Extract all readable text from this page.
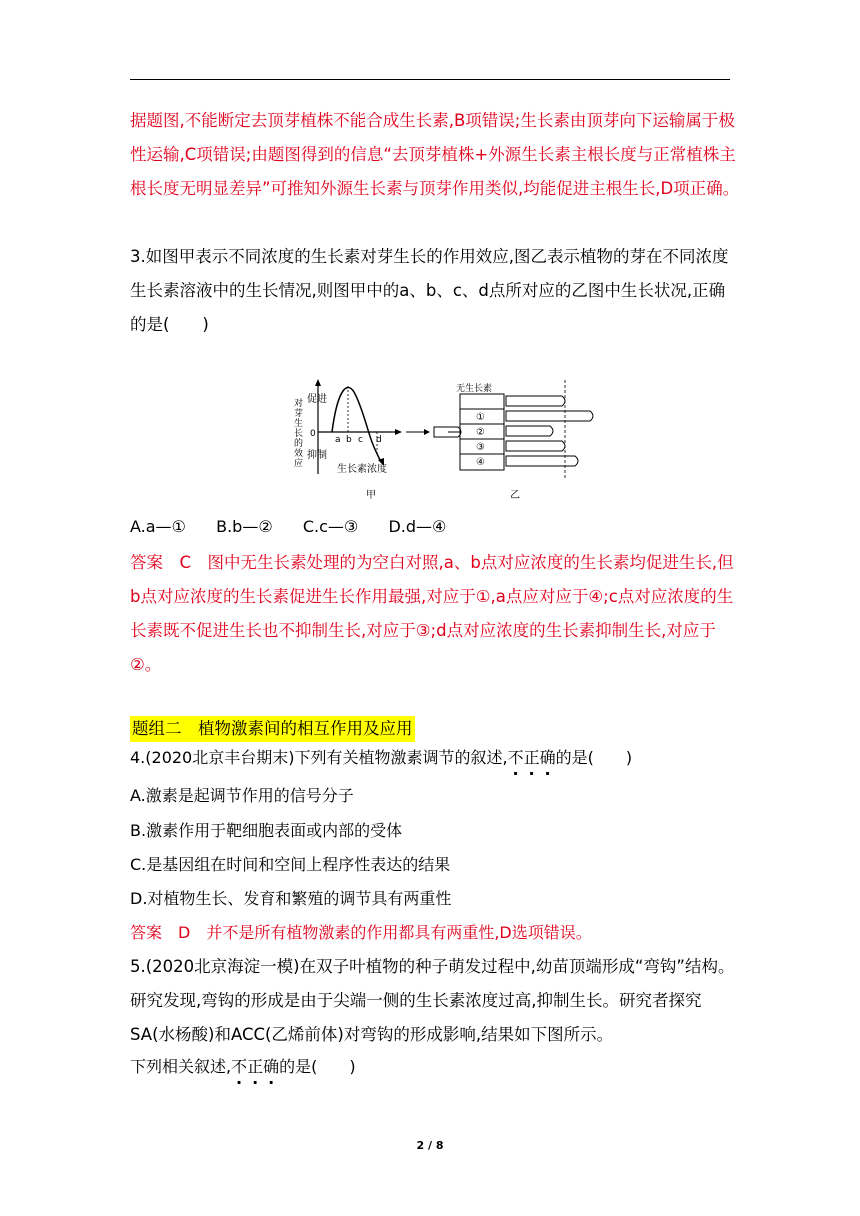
据题图,不能断定去顶芽植株不能合成生长素,B项错误;生长素由顶芽向下运输属于极性运输,C项错误;由题图得到的信息“去顶芽植株+外源生长素主根长度与正常植株主根长度无明显差异”可推知外源生长素与顶芽作用类似,均能促进主根生长,D项正确。

3.如图甲表示不同浓度的生长素对芽生长的作用效应,图乙表示植物的芽在不同浓度生长素溶液中的生长情况,则图甲中的a、b、c、d点所对应的乙图中生长状况,正确的是(　　)

促进
抑制
0
a b c d
生长素浓度
甲
对
芽
生
长
的
效
应
无生长素
①
②
③
④
乙
A.a—① B.b—② C.c—③ D.d—④

答案　C　图中无生长素处理的为空白对照,a、b点对应浓度的生长素均促进生长,但b点对应浓度的生长素促进生长作用最强,对应于①,a点应对应于④;c点对应浓度的生长素既不促进生长也不抑制生长,对应于③;d点对应浓度的生长素抑制生长,对应于②。

题组二　植物激素间的相互作用及应用
4.(2020北京丰台期末)下列有关植物激素调节的叙述,不正确的是(　　)
A.激素是起调节作用的信号分子
B.激素作用于靶细胞表面或内部的受体
C.是基因组在时间和空间上程序性表达的结果
D.对植物生长、发育和繁殖的调节具有两重性
答案　D　并不是所有植物激素的作用都具有两重性,D选项错误。

5.(2020北京海淀一模)在双子叶植物的种子萌发过程中,幼苗顶端形成“弯钩”结构。研究发现,弯钩的形成是由于尖端一侧的生长素浓度过高,抑制生长。研究者探究SA(水杨酸)和ACC(乙烯前体)对弯钩的形成影响,结果如下图所示。

下列相关叙述,不正确的是(　　)
2 / 8
